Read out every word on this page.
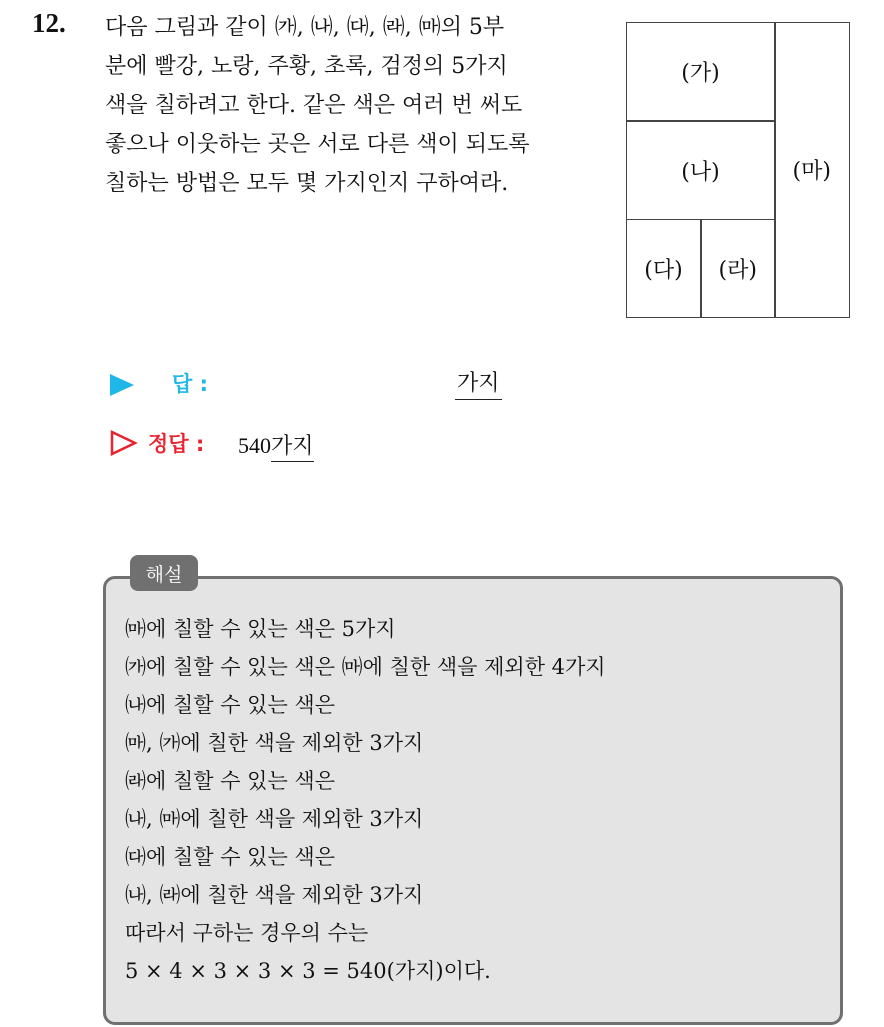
12. 다음 그림과 같이 ㈎, ㈏, ㈐, ㈑, ㈒의 5부
분에 빨강, 노랑, 주황, 초록, 검정의 5가지
색을 칠하려고 한다. 같은 색은 여러 번 써도
좋으나 이웃하는 곳은 서로 다른 색이 되도록
칠하는 방법은 모두 몇 가지인지 구하여라.
(가)
(나)
(다)	(라)
(마)
답 :	가지
정답 : 540가지
해설
㈒에 칠할 수 있는 색은 5가지
㈎에 칠할 수 있는 색은 ㈒에 칠한 색을 제외한 4가지
㈏에 칠할 수 있는 색은
㈒, ㈎에 칠한 색을 제외한 3가지
㈑에 칠할 수 있는 색은
㈏, ㈒에 칠한 색을 제외한 3가지
㈐에 칠할 수 있는 색은
㈏, ㈑에 칠한 색을 제외한 3가지
따라서 구하는 경우의 수는
5 × 4 × 3 × 3 × 3 = 540(가지)이다.
